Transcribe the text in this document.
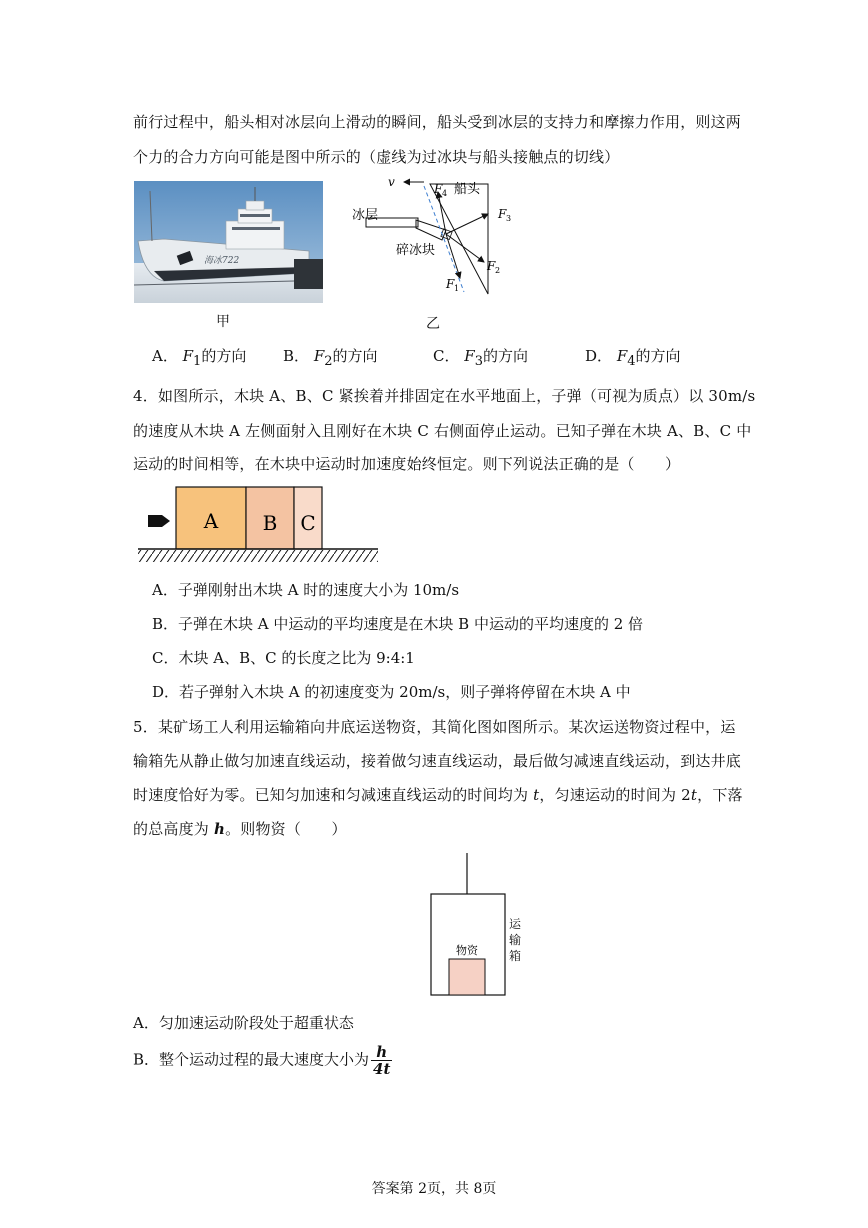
前行过程中，船头相对冰层向上滑动的瞬间，船头受到冰层的支持力和摩擦力作用，则这两
个力的合力方向可能是图中所示的（虚线为过冰块与船头接触点的切线）
海冰722
甲	乙
v	F 4 船头
F 3
冰层
碎冰块
F 2
F 1
A． $F_1$的方向 B． $F_2$的方向	C． $F_3$的方向	D． $F_4$的方向
4．如图所示，木块 A、B、C 紧挨着并排固定在水平地面上，子弹（可视为质点）以 30m/s
的速度从木块 A 左侧面射入且刚好在木块 C 右侧面停止运动。已知子弹在木块 A、B、C 中
运动的时间相等，在木块中运动时加速度始终恒定。则下列说法正确的是（　　）
A B C
A．子弹刚射出木块 A 时的速度大小为 10m/s
B．子弹在木块 A 中运动的平均速度是在木块 B 中运动的平均速度的 2 倍
C．木块 A、B、C 的长度之比为 9:4:1
D．若子弹射入木块 A 的初速度变为 20m/s，则子弹将停留在木块 A 中
5．某矿场工人利用运输箱向井底运送物资，其简化图如图所示。某次运送物资过程中，运
输箱先从静止做匀加速直线运动，接着做匀速直线运动，最后做匀减速直线运动，到达井底
时速度恰好为零。已知匀加速和匀减速直线运动的时间均为 t，匀速运动的时间为 2t，下落
的总高度为 h。则物资（　　）
物资
运输箱
A．匀加速运动阶段处于超重状态
B．整个运动过程的最大速度大小为 $\frac{h}{4t}$
答案第 2页，共 8页
